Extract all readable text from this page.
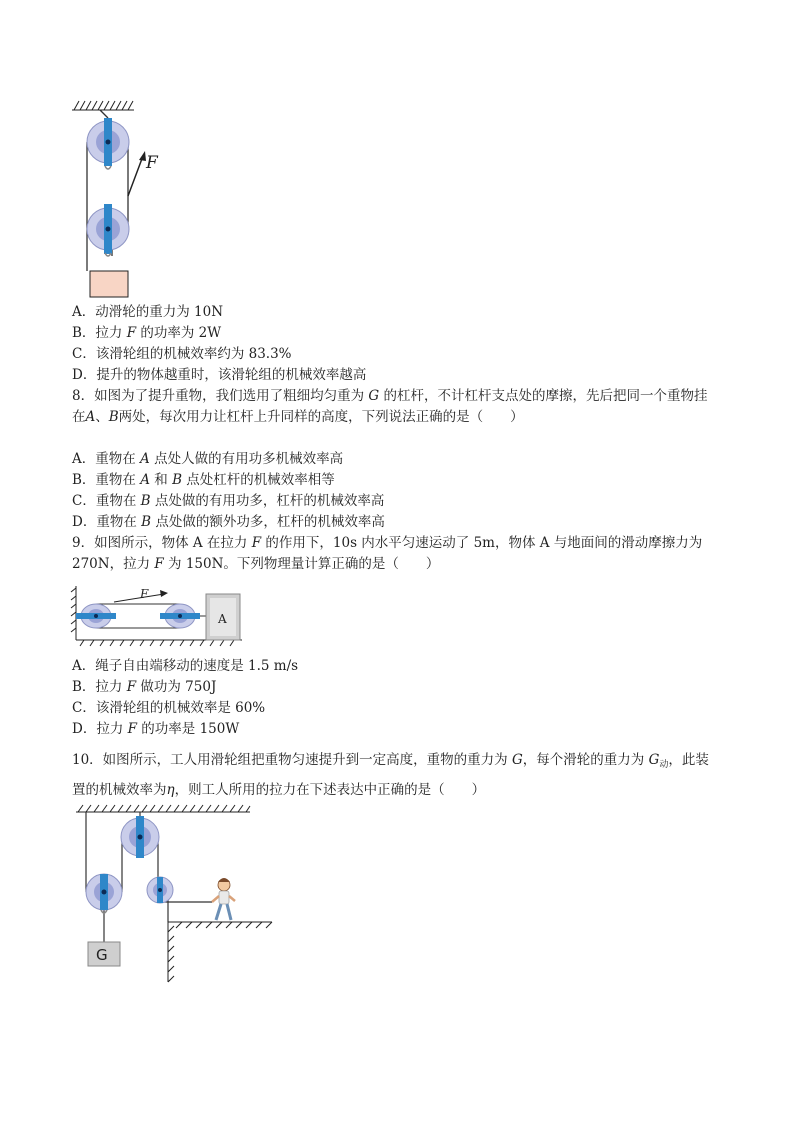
F
A．动滑轮的重力为 10N
B．拉力 F 的功率为 2W
C．该滑轮组的机械效率约为 83.3%
D．提升的物体越重时，该滑轮组的机械效率越高
8．如图为了提升重物，我们选用了粗细均匀重为 G 的杠杆，不计杠杆支点处的摩擦，先后把同一个重物挂
在A、B两处，每次用力让杠杆上升同样的高度，下列说法正确的是（　　）
A．重物在 A 点处人做的有用功多机械效率高
B．重物在 A 和 B 点处杠杆的机械效率相等
C．重物在 B 点处做的有用功多，杠杆的机械效率高
D．重物在 B 点处做的额外功多，杠杆的机械效率高
9．如图所示，物体 A 在拉力 F 的作用下，10s 内水平匀速运动了 5m，物体 A 与地面间的滑动摩擦力为
270N，拉力 F 为 150N。下列物理量计算正确的是（　　）
F
A
A．绳子自由端移动的速度是 1.5 m/s
B．拉力 F 做功为 750J
C．该滑轮组的机械效率是 60%
D．拉力 F 的功率是 150W
10．如图所示，工人用滑轮组把重物匀速提升到一定高度，重物的重力为 G，每个滑轮的重力为 $G_动$，此装
置的机械效率为η，则工人所用的拉力在下述表达中正确的是（　　）
G
